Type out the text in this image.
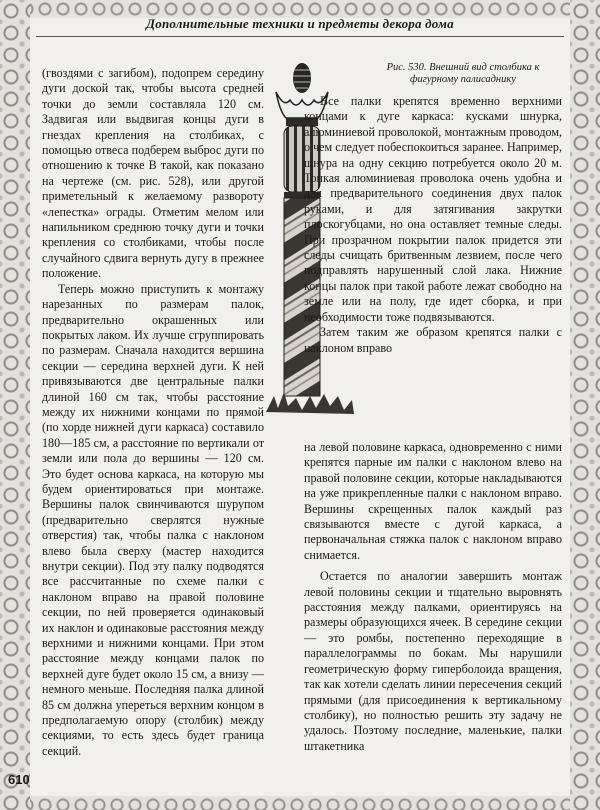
Дополнительные техники и предметы декора дома

(гвоздями с загибом), подопрем середину дуги доской так, чтобы высота средней точки до земли составляла 120 см. Задвигая или выдвигая концы дуги в гнездах крепления на столбиках, с помощью отвеса подберем выброс дуги по отношению к точке В такой, как показано на чертеже (см. рис. 528), или другой приметельный к желаемому разворотy «лепестка» ограды. Отметим мелом или напильником среднюю точку дуги и точки крепления со столбиками, чтобы после случайного сдвига вернуть дугу в прежнее положение.

Теперь можно приступить к монтажу нарезанных по размерам палок, предварительно окрашенных или покрытых лаком. Их лучше сгруппировать по размерам. Сначала находится вершина секции — середина верхней дуги. К ней привязываются две центральные палки длиной 160 см так, чтобы расстояние между их нижними концами по прямой (по хорде нижней дуги каркаса) составило 180—185 см, а расстояние по вертикали от земли или пола до вершины — 120 см. Это будет основа каркаса, на которую мы будем ориентироваться при монтаже. Вершины палок свинчиваются шурупом (предварительно сверлятся нужные отверстия) так, чтобы палка с наклоном влево была сверху (мастер находится внутри секции). Под эту палку подводятся все рассчитанные по схеме палки с наклоном вправо на правой половине секции, по ней проверяется одинаковый их наклон и одинаковые расстояния между верхними и нижними концами. При этом расстояние между концами палок по верхней дуге будет около 15 см, а внизу — немного меньше. Последняя палка длиной 85 см должна упереться верхним концом в предполагаемую опору (столбик) между секциями, то есть здесь будет граница секций.

Рис. 530. Внешний вид столбика к фигурному палисаднику

Все палки крепятся временно верхними концами к дуге каркаса: кусками шнурка, алюминиевой проволокой, монтажным проводом, о чем следует побеспокоиться заранее. Например, шнура на одну секцию потребуется около 20 м. Тонкая алюминиевая проволока очень удобна и для предварительного соединения двух палок руками, и для затягивания закрутки плоскогубцами, но она оставляет темные следы. При прозрачном покрытии палок придется эти следы счищать бритвенным лезвием, после чего подправлять нарушенный слой лака. Нижние концы палок при такой работе лежат свободно на земле или на полу, где идет сборка, и при необходимости тоже подвязываются.

Затем таким же образом крепятся палки с наклоном вправо

на левой половине каркаса, одновременно с ними крепятся парные им палки с наклоном влево на правой половине секции, которые накладываются на уже прикрепленные палки с наклоном вправо. Вершины скрещенных палок каждый раз связываются вместе с дугой каркаса, а первоначальная стяжка палок с наклоном вправо снимается.

Остается по аналогии завершить монтаж левой половины секции и тщательно выровнять расстояния между палками, ориентируясь на размеры образующихся ячеек. В середине секции — это ромбы, постепенно переходящие в параллелограммы по бокам. Мы нарушили геометрическую форму гиперболоида вращения, так как хотели сделать линии пересечения секций прямыми (для присоединения к вертикальному столбику), но полностью решить эту задачу не удалось. Поэтому последние, маленькие, палки штакетника

610
